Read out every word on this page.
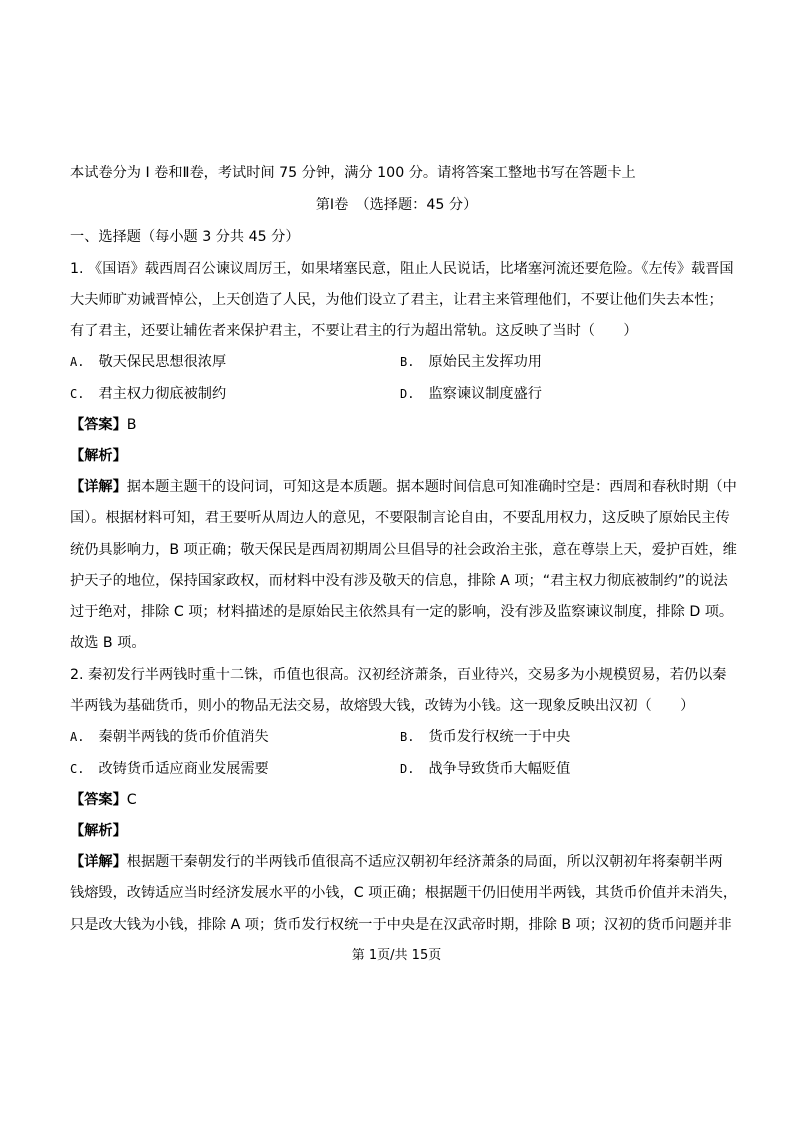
本试卷分为 Ⅰ 卷和Ⅱ卷，考试时间 75 分钟，满分 100 分。请将答案工整地书写在答题卡上
第Ⅰ卷　（选择题：45 分）
一、选择题（每小题 3 分共 45 分）
1. 《国语》载西周召公谏议周厉王，如果堵塞民意，阻止人民说话，比堵塞河流还要危险。《左传》载晋国
大夫师旷劝诫晋悼公，上天创造了人民，为他们设立了君主，让君主来管理他们，不要让他们失去本性；
有了君主，还要让辅佐者来保护君主，不要让君主的行为超出常轨。这反映了当时（　　）
A. 敬天保民思想很浓厚	B. 原始民主发挥功用
C. 君主权力彻底被制约	D. 监察谏议制度盛行
【答案】B
【解析】
【详解】据本题主题干的设问词，可知这是本质题。据本题时间信息可知准确时空是：西周和春秋时期（中
国）。根据材料可知，君王要听从周边人的意见，不要限制言论自由，不要乱用权力，这反映了原始民主传
统仍具影响力，B 项正确；敬天保民是西周初期周公旦倡导的社会政治主张，意在尊崇上天，爱护百姓，维
护天子的地位，保持国家政权，而材料中没有涉及敬天的信息，排除 A 项；“君主权力彻底被制约”的说法
过于绝对，排除 C 项；材料描述的是原始民主依然具有一定的影响，没有涉及监察谏议制度，排除 D 项。
故选 B 项。
2. 秦初发行半两钱时重十二铢，币值也很高。汉初经济萧条，百业待兴，交易多为小规模贸易，若仍以秦
半两钱为基础货币，则小的物品无法交易，故熔毁大钱，改铸为小钱。这一现象反映出汉初（　　）
A. 秦朝半两钱的货币价值消失	B. 货币发行权统一于中央
C. 改铸货币适应商业发展需要	D. 战争导致货币大幅贬值
【答案】C
【解析】
【详解】根据题干秦朝发行的半两钱币值很高不适应汉朝初年经济萧条的局面，所以汉朝初年将秦朝半两
钱熔毁，改铸适应当时经济发展水平的小钱，C 项正确；根据题干仍旧使用半两钱，其货币价值并未消失，
只是改大钱为小钱，排除 A 项；货币发行权统一于中央是在汉武帝时期，排除 B 项；汉初的货币问题并非
第 1页/共 15页
